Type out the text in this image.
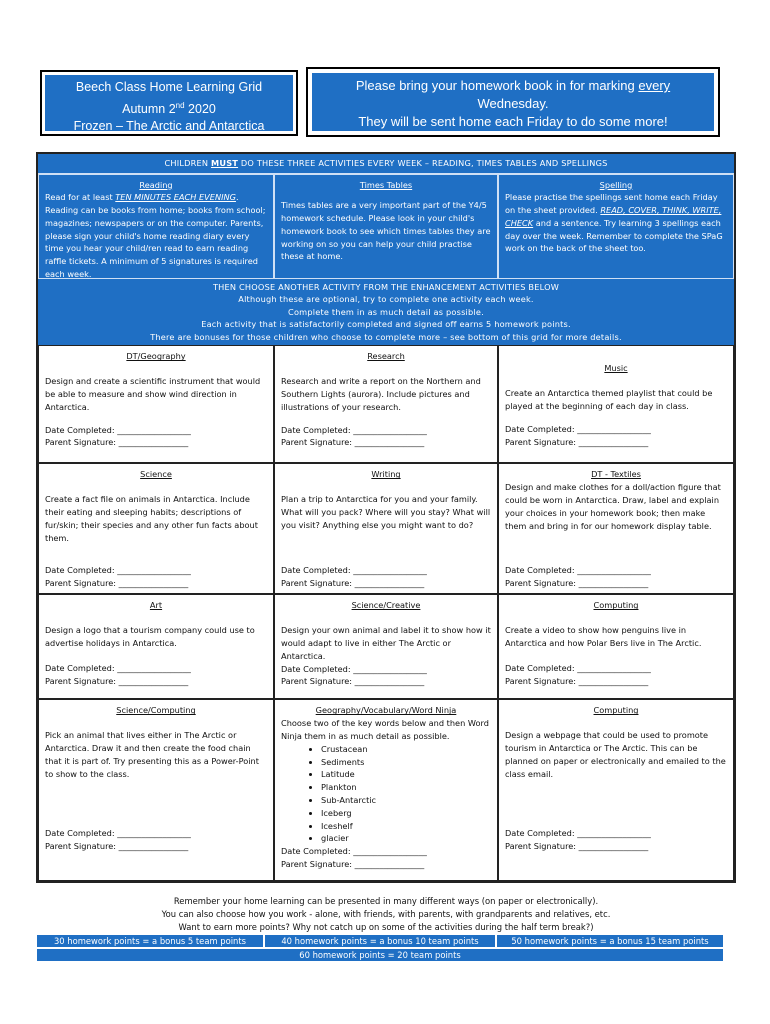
Beech Class Home Learning Grid
Autumn 2nd 2020
Frozen – The Arctic and Antarctica
Please bring your homework book in for marking every
Wednesday.
They will be sent home each Friday to do some more!
CHILDREN MUST DO THESE THREE ACTIVITIES EVERY WEEK – READING, TIMES TABLES AND SPELLINGS
Reading
Read for at least TEN MINUTES EACH EVENING. Reading can be books from home; books from school; magazines; newspapers or on the computer. Parents, please sign your child's home reading diary every time you hear your child/ren read to earn reading raffle tickets. A minimum of 5 signatures is required each week.
Times Tables
Times tables are a very important part of the Y4/5 homework schedule. Please look in your child's homework book to see which times tables they are working on so you can help your child practise these at home.
Spelling
Please practise the spellings sent home each Friday on the sheet provided. READ, COVER, THINK, WRITE, CHECK and a sentence. Try learning 3 spellings each day over the week. Remember to complete the SPaG work on the back of the sheet too.
THEN CHOOSE ANOTHER ACTIVITY FROM THE ENHANCEMENT ACTIVITIES BELOW
Although these are optional, try to complete one activity each week.
Complete them in as much detail as possible.
Each activity that is satisfactorily completed and signed off earns 5 homework points.
There are bonuses for those children who choose to complete more – see bottom of this grid for more details.
DT/Geography
Design and create a scientific instrument that would be able to measure and show wind direction in Antarctica.
Date Completed: __________________
Parent Signature: _________________
Research
Research and write a report on the Northern and Southern Lights (aurora). Include pictures and illustrations of your research.
Date Completed: __________________
Parent Signature: _________________
Music
Create an Antarctica themed playlist that could be played at the beginning of each day in class.
Date Completed: __________________
Parent Signature: _________________
Science
Create a fact file on animals in Antarctica. Include their eating and sleeping habits; descriptions of fur/skin; their species and any other fun facts about them.
Date Completed: __________________
Parent Signature: _________________
Writing
Plan a trip to Antarctica for you and your family. What will you pack? Where will you stay? What will you visit? Anything else you might want to do?
Date Completed: __________________
Parent Signature: _________________
DT - Textiles
Design and make clothes for a doll/action figure that could be worn in Antarctica. Draw, label and explain your choices in your homework book; then make them and bring in for our homework display table.
Date Completed: __________________
Parent Signature: _________________
Art
Design a logo that a tourism company could use to advertise holidays in Antarctica.
Date Completed: __________________
Parent Signature: _________________
Science/Creative
Design your own animal and label it to show how it would adapt to live in either The Arctic or Antarctica.
Date Completed: __________________
Parent Signature: _________________
Computing
Create a video to show how penguins live in Antarctica and how Polar Bers live in The Arctic.
Date Completed: __________________
Parent Signature: _________________
Science/Computing
Pick an animal that lives either in The Arctic or Antarctica. Draw it and then create the food chain that it is part of. Try presenting this as a Power-Point to show to the class.
Date Completed: __________________
Parent Signature: _________________
Geography/Vocabulary/Word Ninja
Choose two of the key words below and then Word Ninja them in as much detail as possible.
• Crustacean
• Sediments
• Latitude
• Plankton
• Sub-Antarctic
• Iceberg
• Iceshelf
• glacier
Date Completed: __________________
Parent Signature: _________________
Computing
Design a webpage that could be used to promote tourism in Antarctica or The Arctic. This can be planned on paper or electronically and emailed to the class email.
Date Completed: __________________
Parent Signature: _________________
Remember your home learning can be presented in many different ways (on paper or electronically).
You can also choose how you work - alone, with friends, with parents, with grandparents and relatives, etc.
Want to earn more points? Why not catch up on some of the activities during the half term break?)
30 homework points = a bonus 5 team points	40 homework points = a bonus 10 team points	50 homework points = a bonus 15 team points
60 homework points = 20 team points
